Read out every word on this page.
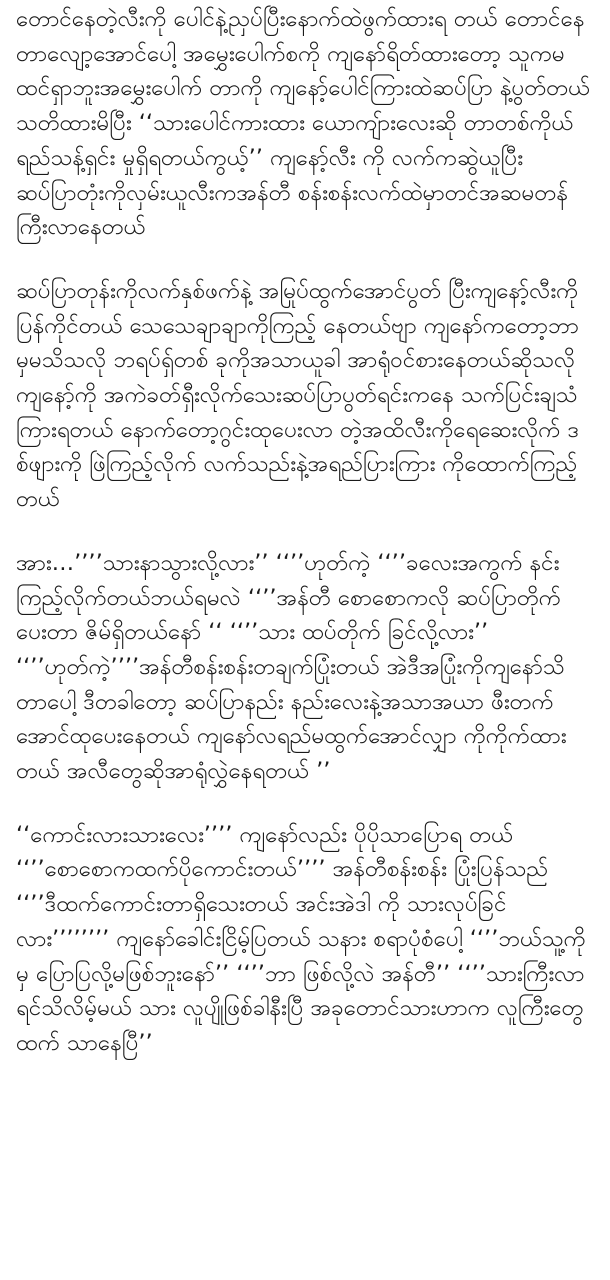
တောင်နေတဲ့လီးကို ပေါင်နဲ့ညှပ်ပြီးနောက်ထဲဖွက်ထားရ တယ် တောင်နေတာလျော့အောင်ပေါ့ အမွှေးပေါက်စကို ကျနော်ရိတ်ထားတော့ သူကမထင်ရှာဘူးအမွှေးပေါက် တာကို ကျနော့်ပေါင်ကြားထဲဆပ်ပြာ နဲ့ပွတ်တယ် သတိထားမိပြီး ‘‘သားပေါင်ကားထား ယောကျ်ားလေးဆို တာတစ်ကိုယ်ရည်သန့်ရှင်း မှုရှိရတယ်ကွယ့်’’ ကျနော့်လီး ကို လက်ကဆွဲယူပြီး ဆပ်ပြာတုံးကိုလှမ်းယူလီးကအန်တီ စန်းစန်းလက်ထဲမှာတင်အဆမတန်ကြီးလာနေတယ်

ဆပ်ပြာတုန်းကိုလက်နှစ်ဖက်နဲ့ အမြုပ်ထွက်အောင်ပွတ် ပြီးကျနော့်လီးကိုပြန်ကိုင်တယ် သေသေချာချာကိုကြည့် နေတယ်ဗျာ ကျနော်ကတော့ဘာမှမသိသလို ဘရပ်ရှ်တစ် ခုကိုအသာယူခါ အာရုံဝင်စားနေတယ်ဆိုသလိုကျနော့်ကို အကဲခတ်ရှီးလိုက်သေးဆပ်ပြာပွတ်ရင်းကနေ သက်ပြင်းချသံကြားရတယ် နောက်တော့ဂွင်းထုပေးလာ တဲ့အထိလီးကိုရေဆေးလိုက် ဒစ်ဖျားကို ဖြဲကြည့်လိုက် လက်သည်းနဲ့အရည်ပြားကြား ကိုထောက်ကြည့်တယ်

အား…’’’’သားနာသွားလို့လား’’ ‘‘’’ဟုတ်ကဲ့ ‘‘’’ခလေးအကွက် နင်းကြည့်လိုက်တယ်ဘယ်ရမလဲ ‘‘’’အန်တီ စောစောကလို ဆပ်ပြာတိုက်ပေးတာ ဇိမ်ရှိတယ်နော် ‘‘ ‘‘’’သား ထပ်တိုက် ခြင်လို့လား’’ ‘‘’’ဟုတ်ကဲ့’’’’အန်တီစန်းစန်းတချက်ပြုံးတယ် အဲဒီအပြုံးကိုကျနော်သိတာပေါ့ ဒီတခါတော့ ဆပ်ပြာနည်း နည်းလေးနဲ့အသာအယာ ဖီးတက်အောင်ထုပေးနေတယ် ကျနော်လရည်မထွက်အောင်လျှာ ကိုကိုက်ထားတယ် အလီတွေဆိုအာရုံလွှဲနေရတယ် ’’

‘‘ကောင်းလားသားလေး’’’’ ကျနော်လည်း ပိုပိုသာပြောရ တယ် ‘‘’’စောစောကထက်ပိုကောင်းတယ်’’’’ အန်တီစန်းစန်း ပြုံးပြန်သည် ‘‘’’ဒီထက်ကောင်းတာရှိသေးတယ် အင်းအဲဒါ ကို သားလုပ်ခြင်လား’’’’’’’’ ကျနော်ခေါင်းငြိမ့်ပြတယ် သနား စရာပုံစံပေါ့ ‘‘’’ဘယ်သူ့ကိုမှ ပြောပြလို့မဖြစ်ဘူးနော်’’ ‘‘’’ဘာ ဖြစ်လို့လဲ အန်တီ’’ ‘‘’’သားကြီးလာရင်သိလိမ့်မယ် သား လူပျိုဖြစ်ခါနီးပြီ အခုတောင်သားဟာက လူကြီးတွေထက် သာနေပြီ’’
